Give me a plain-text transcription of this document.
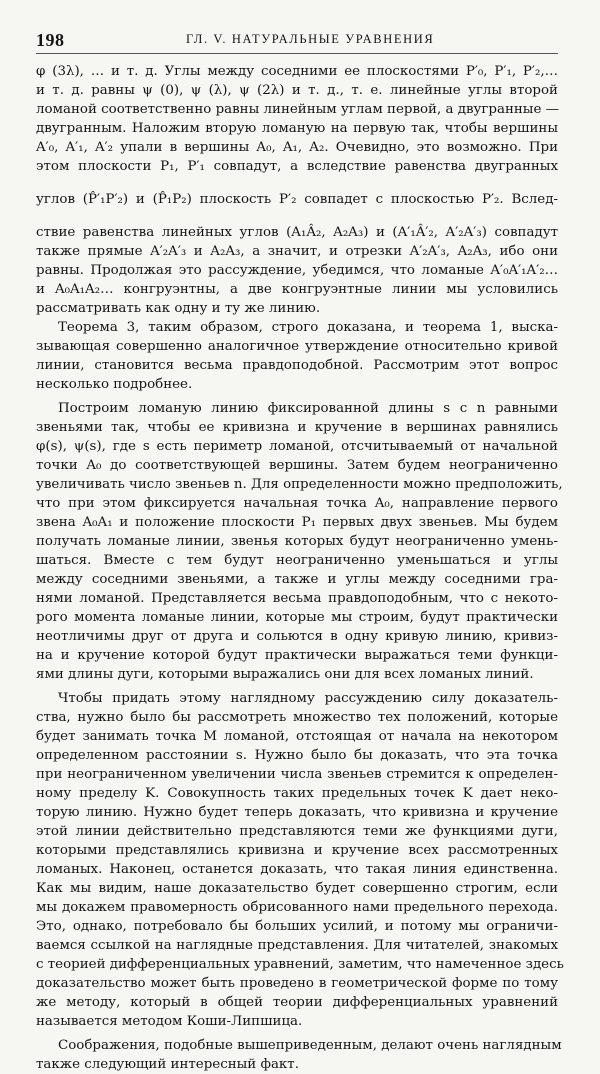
198	ГЛ. V. НАТУРАЛЬНЫЕ УРАВНЕНИЯ
φ (3λ), … и т. д. Углы между соседними ее плоскостями P′₀, P′₁, P′₂,…
и т. д. равны ψ (0), ψ (λ), ψ (2λ) и т. д., т. е. линейные углы второй
ломаной соответственно равны линейным углам первой, а двугранные —
двугранным. Наложим вторую ломаную на первую так, чтобы вершины
A′₀, A′₁, A′₂ упали в вершины A₀, A₁, A₂. Очевидно, это возможно. При
этом плоскости P₁, P′₁ совпадут, а вследствие равенства двугранных
углов (P̂′₁P′₂) и (P̂₁P₂) плоскость P′₂ совпадет с плоскостью P′₂. Вслед-
ствие равенства линейных углов (A₁Â₂, A₂A₃) и (A′₁Â′₂, A′₂A′₃) совпадут
также прямые A′₂A′₃ и A₂A₃, а значит, и отрезки A′₂A′₃, A₂A₃, ибо они
равны. Продолжая это рассуждение, убедимся, что ломаные A′₀A′₁A′₂…
и A₀A₁A₂… конгруэнтны, а две конгруэнтные линии мы условились
рассматривать как одну и ту же линию.
Теорема 3, таким образом, строго доказана, и теорема 1, выска-
зывающая совершенно аналогичное утверждение относительно кривой
линии, становится весьма правдоподобной. Рассмотрим этот вопрос
несколько подробнее.
Построим ломаную линию фиксированной длины s с n равными
звеньями так, чтобы ее кривизна и кручение в вершинах равнялись
φ(s), ψ(s), где s есть периметр ломаной, отсчитываемый от начальной
точки A₀ до соответствующей вершины. Затем будем неограниченно
увеличивать число звеньев n. Для определенности можно предположить,
что при этом фиксируется начальная точка A₀, направление первого
звена A₀A₁ и положение плоскости P₁ первых двух звеньев. Мы будем
получать ломаные линии, звенья которых будут неограниченно умень-
шаться. Вместе с тем будут неограниченно уменьшаться и углы
между соседними звеньями, а также и углы между соседними гра-
нями ломаной. Представляется весьма правдоподобным, что с некото-
рого момента ломаные линии, которые мы строим, будут практически
неотличимы друг от друга и сольются в одну кривую линию, кривиз-
на и кручение которой будут практически выражаться теми функци-
ями длины дуги, которыми выражались они для всех ломаных линий.
Чтобы придать этому наглядному рассуждению силу доказатель-
ства, нужно было бы рассмотреть множество тех положений, которые
будет занимать точка M ломаной, отстоящая от начала на некотором
определенном расстоянии s. Нужно было бы доказать, что эта точка
при неограниченном увеличении числа звеньев стремится к определен-
ному пределу K. Совокупность таких предельных точек K дает неко-
торую линию. Нужно будет теперь доказать, что кривизна и кручение
этой линии действительно представляются теми же функциями дуги,
которыми представлялись кривизна и кручение всех рассмотренных
ломаных. Наконец, останется доказать, что такая линия единственна.
Как мы видим, наше доказательство будет совершенно строгим, если
мы докажем правомерность обрисованного нами предельного перехода.
Это, однако, потребовало бы больших усилий, и потому мы ограничи-
ваемся ссылкой на наглядные представления. Для читателей, знакомых
с теорией дифференциальных уравнений, заметим, что намеченное здесь
доказательство может быть проведено в геометрической форме по тому
же методу, который в общей теории дифференциальных уравнений
называется методом Коши-Липшица.
Соображения, подобные вышеприведенным, делают очень наглядным
также следующий интересный факт.
